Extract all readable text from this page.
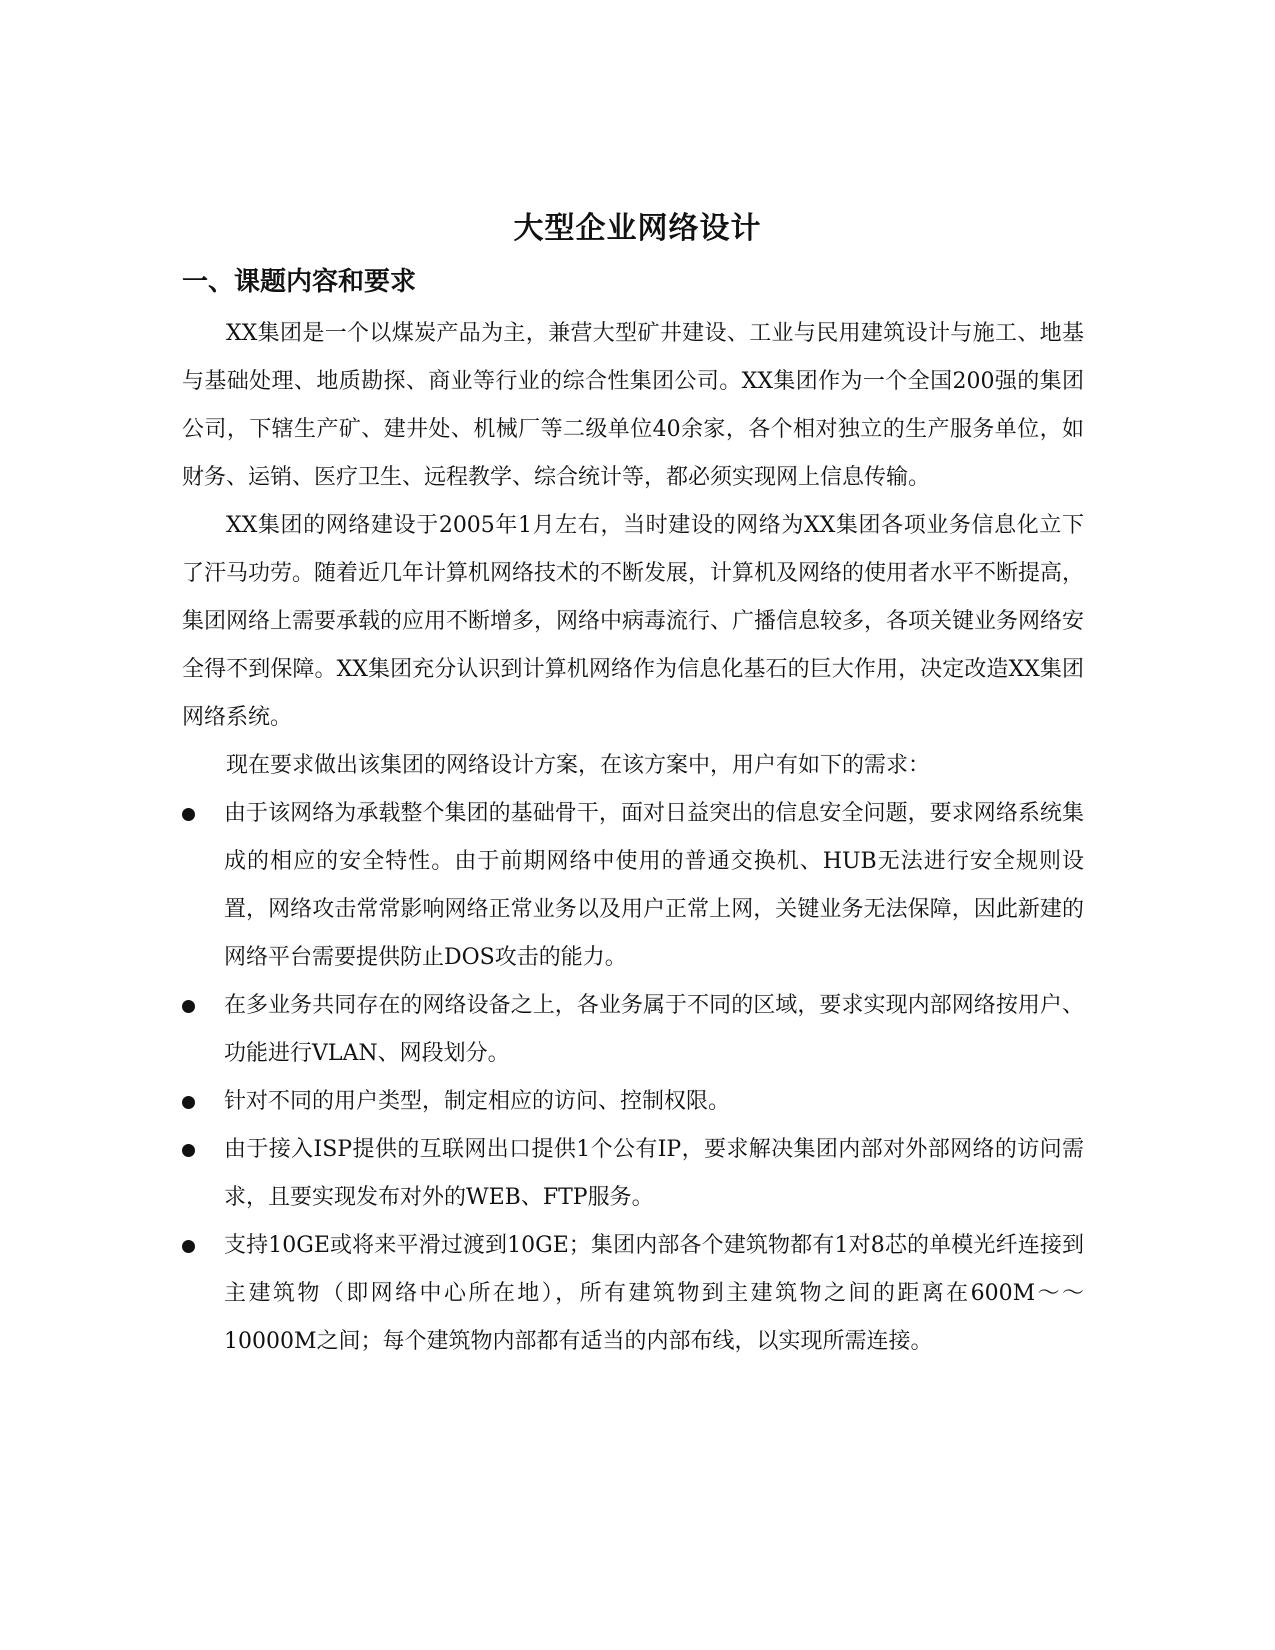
大型企业网络设计
一、课题内容和要求

XX集团是一个以煤炭产品为主，兼营大型矿井建设、工业与民用建筑设计与施工、地基与基础处理、地质勘探、商业等行业的综合性集团公司。XX集团作为一个全国200强的集团公司，下辖生产矿、建井处、机械厂等二级单位40余家，各个相对独立的生产服务单位，如财务、运销、医疗卫生、远程教学、综合统计等，都必须实现网上信息传输。

XX集团的网络建设于2005年1月左右，当时建设的网络为XX集团各项业务信息化立下了汗马功劳。随着近几年计算机网络技术的不断发展，计算机及网络的使用者水平不断提高，集团网络上需要承载的应用不断增多，网络中病毒流行、广播信息较多，各项关键业务网络安全得不到保障。XX集团充分认识到计算机网络作为信息化基石的巨大作用，决定改造XX集团网络系统。

现在要求做出该集团的网络设计方案，在该方案中，用户有如下的需求：

由于该网络为承载整个集团的基础骨干，面对日益突出的信息安全问题，要求网络系统集成的相应的安全特性。由于前期网络中使用的普通交换机、HUB无法进行安全规则设置，网络攻击常常影响网络正常业务以及用户正常上网，关键业务无法保障，因此新建的网络平台需要提供防止DOS攻击的能力。
在多业务共同存在的网络设备之上，各业务属于不同的区域，要求实现内部网络按用户、功能进行VLAN、网段划分。
针对不同的用户类型，制定相应的访问、控制权限。
由于接入ISP提供的互联网出口提供1个公有IP，要求解决集团内部对外部网络的访问需求，且要实现发布对外的WEB、FTP服务。
支持10GE或将来平滑过渡到10GE；集团内部各个建筑物都有1对8芯的单模光纤连接到主建筑物（即网络中心所在地），所有建筑物到主建筑物之间的距离在600M～～10000M之间；每个建筑物内部都有适当的内部布线，以实现所需连接。
